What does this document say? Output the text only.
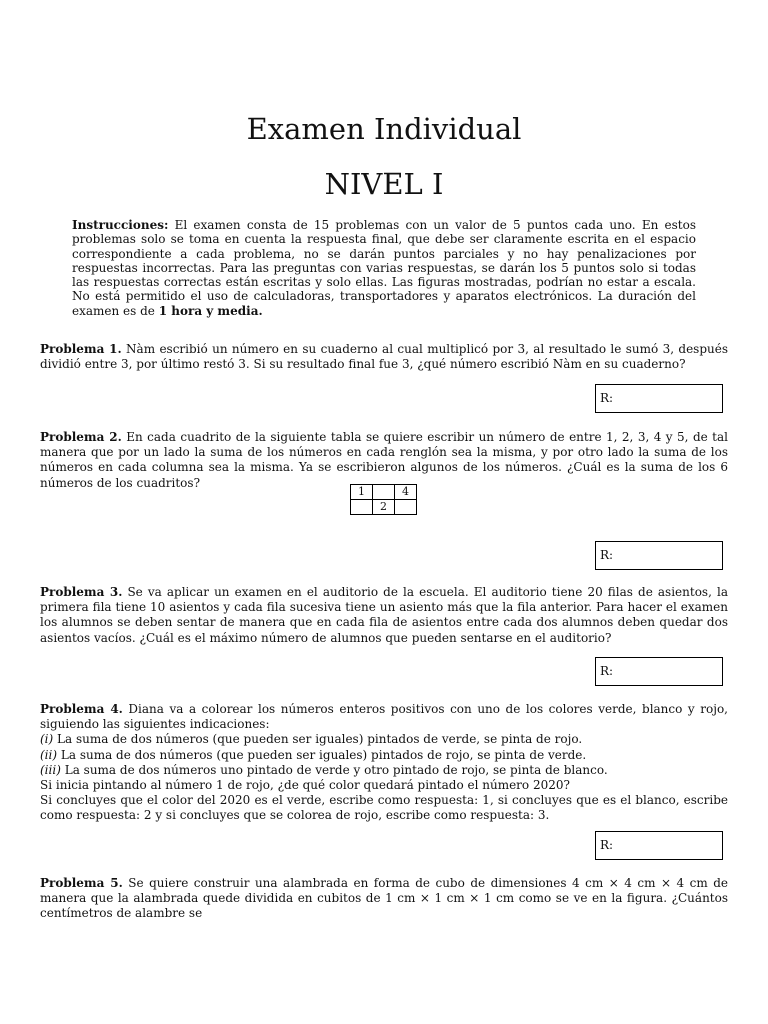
Examen Individual
NIVEL I
Instrucciones: El examen consta de 15 problemas con un valor de 5 puntos cada uno. En estos problemas solo se toma en cuenta la respuesta final, que debe ser claramente escrita en el espacio correspondiente a cada problema, no se darán puntos parciales y no hay penalizaciones por respuestas incorrectas. Para las preguntas con varias respuestas, se darán los 5 puntos solo si todas las respuestas correctas están escritas y solo ellas. Las figuras mostradas, podrían no estar a escala. No está permitido el uso de calculadoras, transportadores y aparatos electrónicos. La duración del examen es de 1 hora y media.
Problema 1. Nàm escribió un número en su cuaderno al cual multiplicó por 3, al resultado le sumó 3, después dividió entre 3, por último restó 3. Si su resultado final fue 3, ¿qué número escribió Nàm en su cuaderno?
R:
Problema 2. En cada cuadrito de la siguiente tabla se quiere escribir un número de entre 1, 2, 3, 4 y 5, de tal manera que por un lado la suma de los números en cada renglón sea la misma, y por otro lado la suma de los números en cada columna sea la misma. Ya se escribieron algunos de los números. ¿Cuál es la suma de los 6 números de los cuadritos?
1		4
	2	
R:
Problema 3. Se va aplicar un examen en el auditorio de la escuela. El auditorio tiene 20 filas de asientos, la primera fila tiene 10 asientos y cada fila sucesiva tiene un asiento más que la fila anterior. Para hacer el examen los alumnos se deben sentar de manera que en cada fila de asientos entre cada dos alumnos deben quedar dos asientos vacíos. ¿Cuál es el máximo número de alumnos que pueden sentarse en el auditorio?
R:
Problema 4. Diana va a colorear los números enteros positivos con uno de los colores verde, blanco y rojo, siguiendo las siguientes indicaciones:
(i) La suma de dos números (que pueden ser iguales) pintados de verde, se pinta de rojo.
(ii) La suma de dos números (que pueden ser iguales) pintados de rojo, se pinta de verde.
(iii) La suma de dos números uno pintado de verde y otro pintado de rojo, se pinta de blanco.
Si inicia pintando al número 1 de rojo, ¿de qué color quedará pintado el número 2020?
Si concluyes que el color del 2020 es el verde, escribe como respuesta: 1, si concluyes que es el blanco, escribe como respuesta: 2 y si concluyes que se colorea de rojo, escribe como respuesta: 3.
R:
Problema 5. Se quiere construir una alambrada en forma de cubo de dimensiones 4 cm × 4 cm × 4 cm de manera que la alambrada quede dividida en cubitos de 1 cm × 1 cm × 1 cm como se ve en la figura. ¿Cuántos centímetros de alambre se
